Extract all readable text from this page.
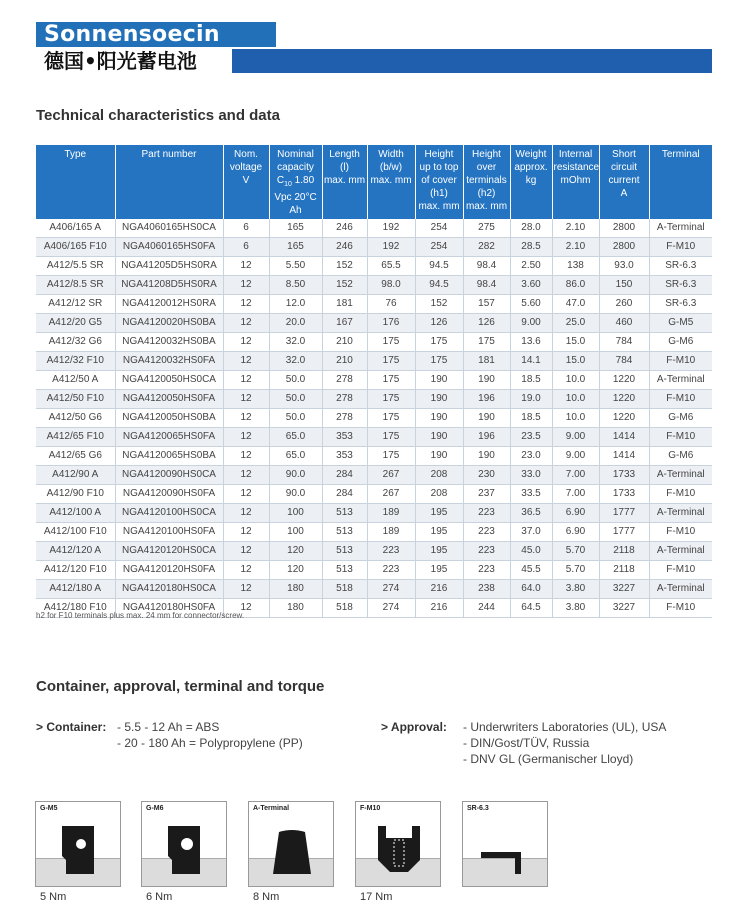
Sonnensoecin
德国•阳光蓄电池
Technical characteristics and data
Type	Part number	Nom.
voltage
V	Nominal
capacity
$C_{10}$ 1.80
Vpc 20°C
Ah	Length
(l)
max. mm	Width
(b/w)
max. mm	Height
up to top
of cover
(h1)
max. mm	Height
over
terminals
(h2)
max. mm	Weight
approx.
kg	Internal
resistance
mOhm	Short
circuit
current
A	Terminal
A406/165 A	NGA4060165HS0CA	6	165	246	192	254	275	28.0	2.10	2800	A-Terminal
A406/165 F10	NGA4060165HS0FA	6	165	246	192	254	282	28.5	2.10	2800	F-M10
A412/5.5 SR	NGA41205D5HS0RA	12	5.50	152	65.5	94.5	98.4	2.50	138	93.0	SR-6.3
A412/8.5 SR	NGA41208D5HS0RA	12	8.50	152	98.0	94.5	98.4	3.60	86.0	150	SR-6.3
A412/12 SR	NGA4120012HS0RA	12	12.0	181	76	152	157	5.60	47.0	260	SR-6.3
A412/20 G5	NGA4120020HS0BA	12	20.0	167	176	126	126	9.00	25.0	460	G-M5
A412/32 G6	NGA4120032HS0BA	12	32.0	210	175	175	175	13.6	15.0	784	G-M6
A412/32 F10	NGA4120032HS0FA	12	32.0	210	175	175	181	14.1	15.0	784	F-M10
A412/50 A	NGA4120050HS0CA	12	50.0	278	175	190	190	18.5	10.0	1220	A-Terminal
A412/50 F10	NGA4120050HS0FA	12	50.0	278	175	190	196	19.0	10.0	1220	F-M10
A412/50 G6	NGA4120050HS0BA	12	50.0	278	175	190	190	18.5	10.0	1220	G-M6
A412/65 F10	NGA4120065HS0FA	12	65.0	353	175	190	196	23.5	9.00	1414	F-M10
A412/65 G6	NGA4120065HS0BA	12	65.0	353	175	190	190	23.0	9.00	1414	G-M6
A412/90 A	NGA4120090HS0CA	12	90.0	284	267	208	230	33.0	7.00	1733	A-Terminal
A412/90 F10	NGA4120090HS0FA	12	90.0	284	267	208	237	33.5	7.00	1733	F-M10
A412/100 A	NGA4120100HS0CA	12	100	513	189	195	223	36.5	6.90	1777	A-Terminal
A412/100 F10	NGA4120100HS0FA	12	100	513	189	195	223	37.0	6.90	1777	F-M10
A412/120 A	NGA4120120HS0CA	12	120	513	223	195	223	45.0	5.70	2118	A-Terminal
A412/120 F10	NGA4120120HS0FA	12	120	513	223	195	223	45.5	5.70	2118	F-M10
A412/180 A	NGA4120180HS0CA	12	180	518	274	216	238	64.0	3.80	3227	A-Terminal
A412/180 F10	NGA4120180HS0FA	12	180	518	274	216	244	64.5	3.80	3227	F-M10
h2 for F10 terminals plus max. 24 mm for connector/screw.
Container, approval, terminal and torque
> Container: - 5.5 - 12 Ah = ABS
- 20 - 180 Ah = Polypropylene (PP)
> Approval: - Underwriters Laboratories (UL), USA
- DIN/Gost/TÜV, Russia
- DNV GL (Germanischer Lloyd)
G-M5	G-M6	A-Terminal	F-M10	SR-6.3
5 Nm	6 Nm	8 Nm	17 Nm
